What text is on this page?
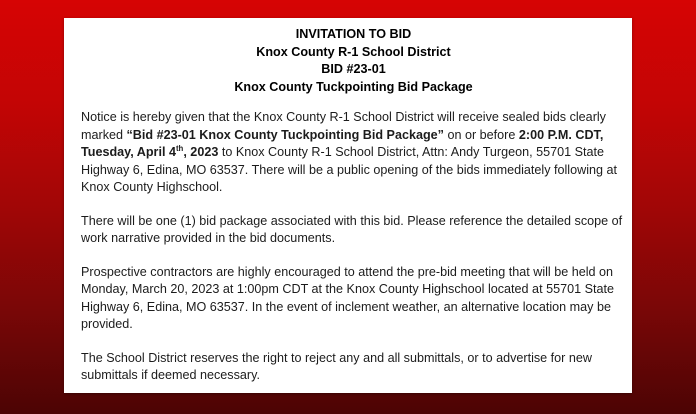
INVITATION TO BID
Knox County R-1 School District
BID #23-01
Knox County Tuckpointing Bid Package

Notice is hereby given that the Knox County R-1 School District will receive sealed bids clearly marked “Bid #23-01 Knox County Tuckpointing Bid Package” on or before 2:00 P.M. CDT, Tuesday, April 4th, 2023 to Knox County R-1 School District, Attn: Andy Turgeon, 55701 State Highway 6, Edina, MO 63537. There will be a public opening of the bids immediately following at Knox County Highschool.

There will be one (1) bid package associated with this bid. Please reference the detailed scope of work narrative provided in the bid documents.

Prospective contractors are highly encouraged to attend the pre-bid meeting that will be held on Monday, March 20, 2023 at 1:00pm CDT at the Knox County Highschool located at 55701 State Highway 6, Edina, MO 63537. In the event of inclement weather, an alternative location may be provided.

The School District reserves the right to reject any and all submittals, or to advertise for new submittals if deemed necessary.
